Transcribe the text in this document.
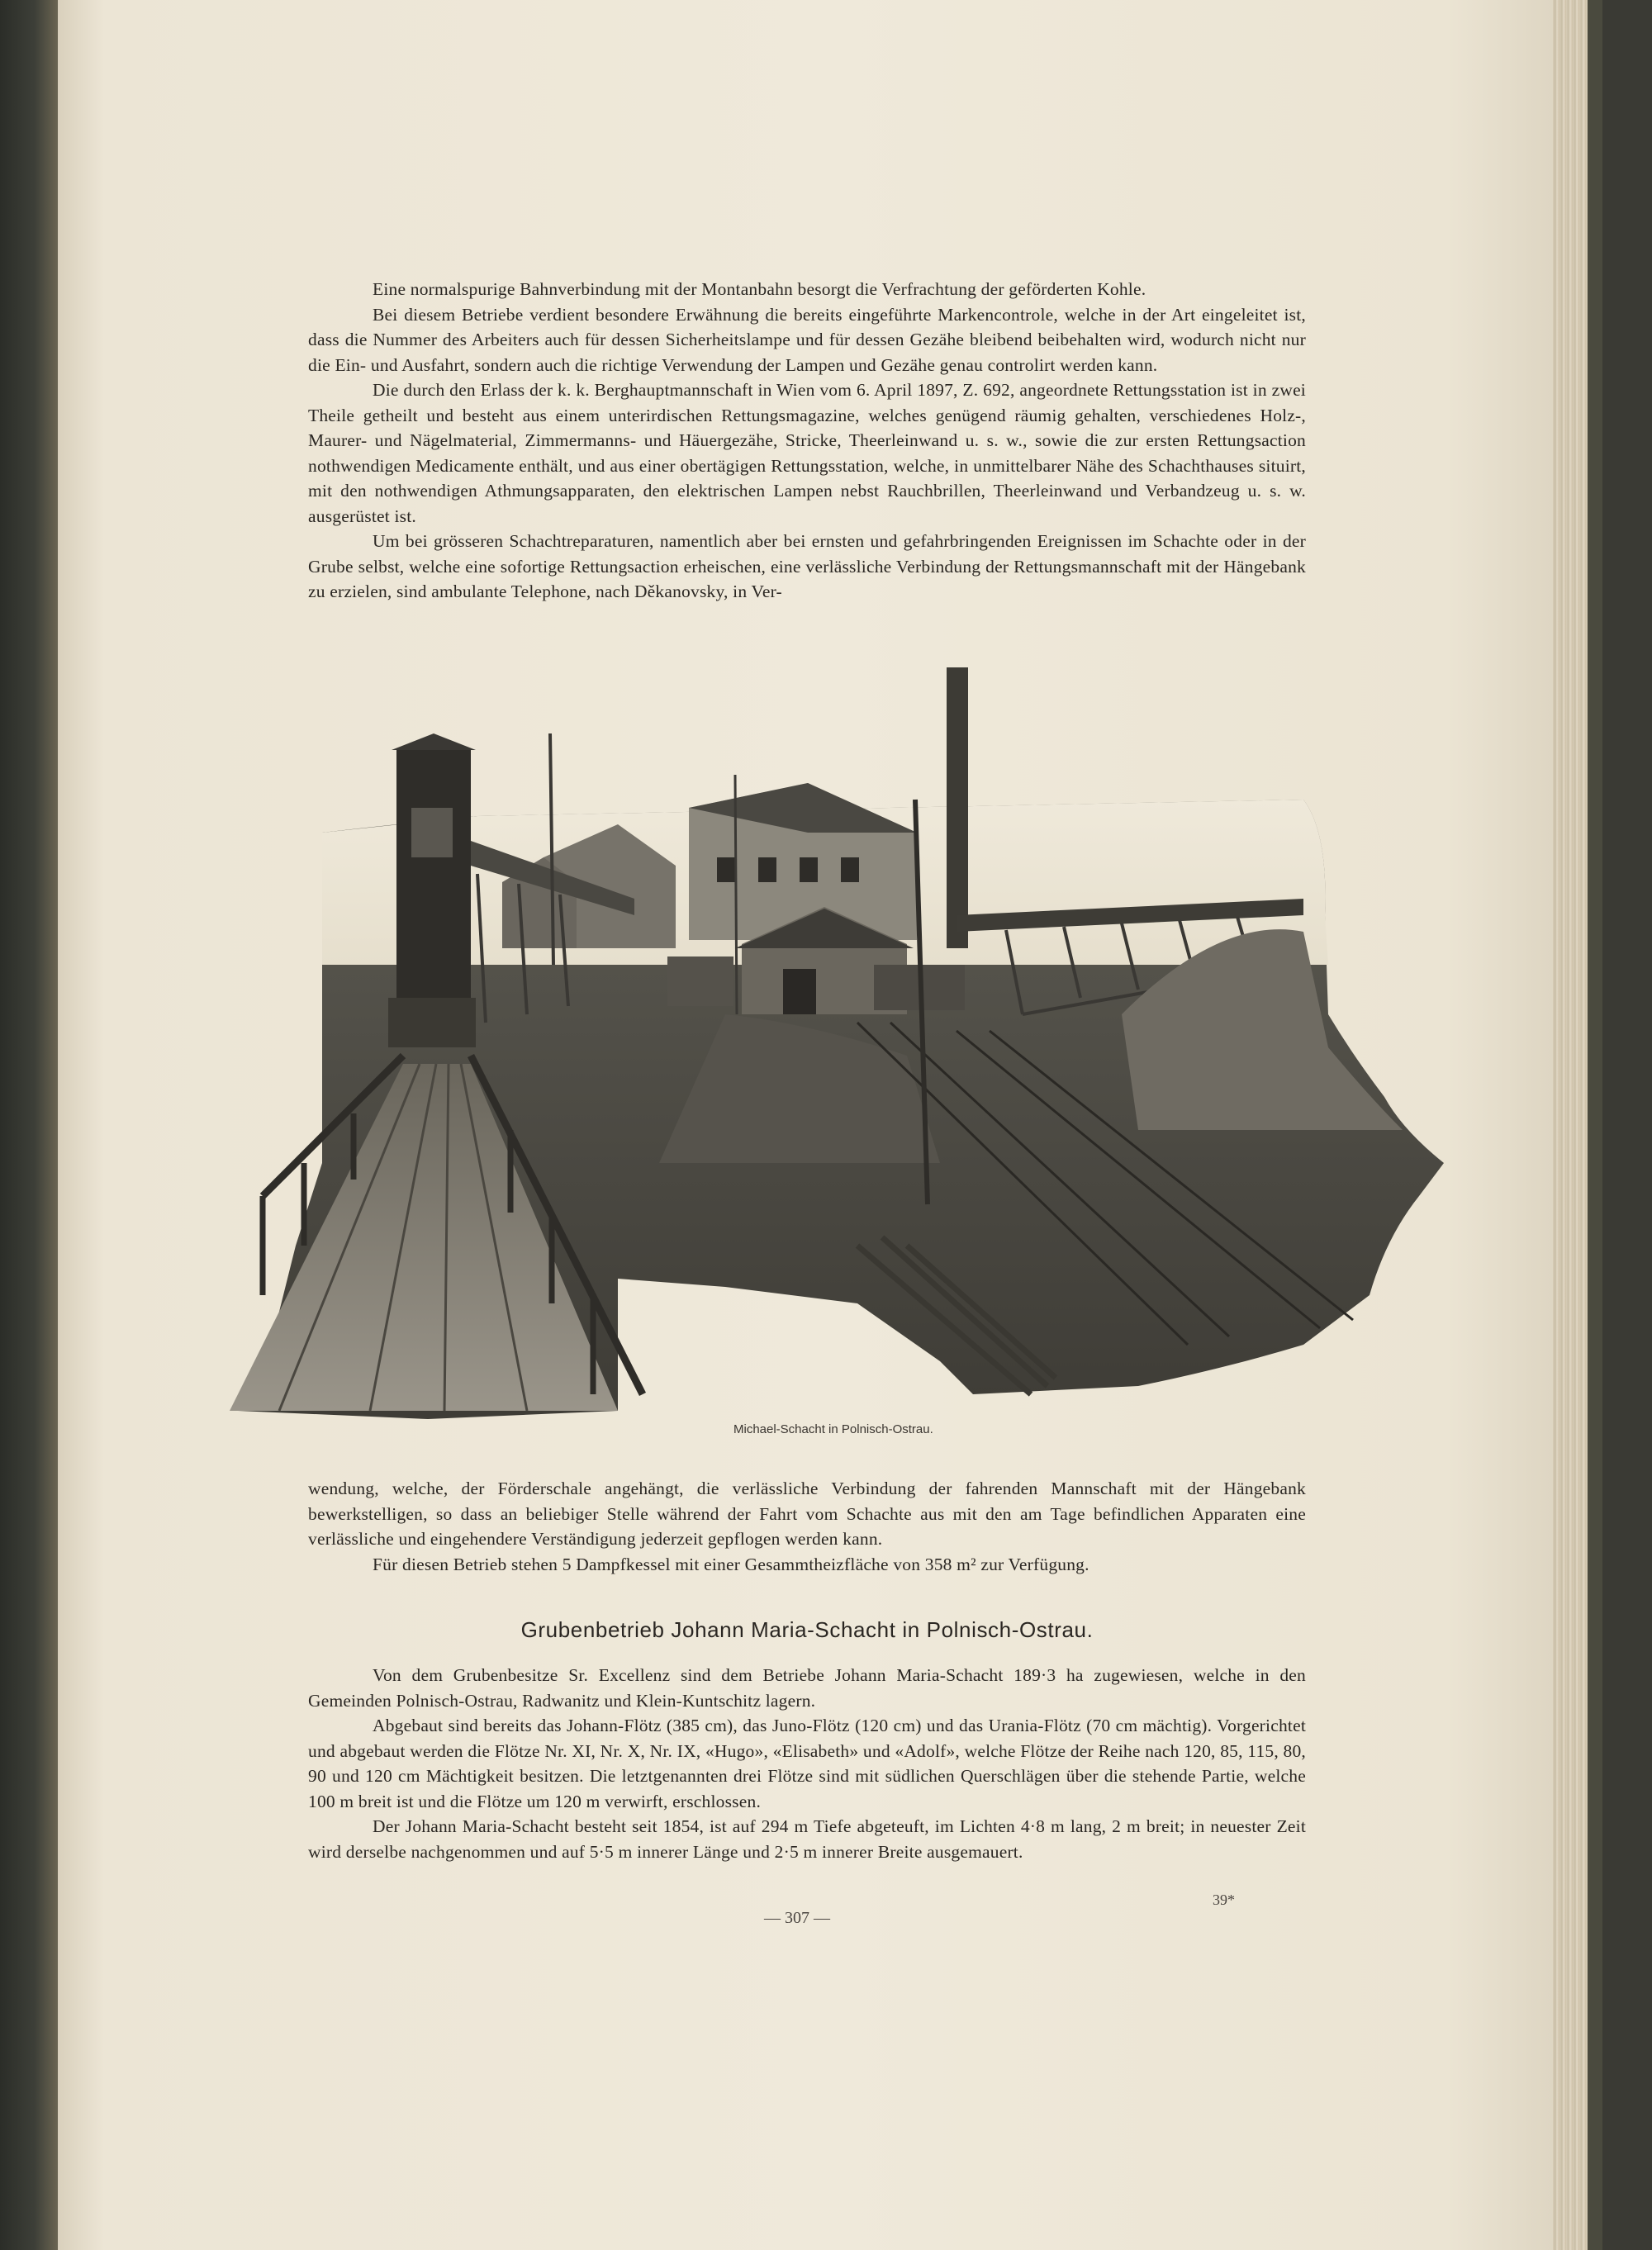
Eine normalspurige Bahnverbindung mit der Montanbahn besorgt die Verfrachtung der geförderten Kohle.

Bei diesem Betriebe verdient besondere Erwähnung die bereits eingeführte Markencontrole, welche in der Art eingeleitet ist, dass die Nummer des Arbeiters auch für dessen Sicherheitslampe und für dessen Gezähe bleibend beibehalten wird, wodurch nicht nur die Ein- und Ausfahrt, sondern auch die richtige Verwendung der Lampen und Gezähe genau controlirt werden kann.

Die durch den Erlass der k. k. Berghauptmannschaft in Wien vom 6. April 1897, Z. 692, angeordnete Rettungsstation ist in zwei Theile getheilt und besteht aus einem unterirdischen Rettungsmagazine, welches genügend räumig gehalten, verschiedenes Holz-, Maurer- und Nägelmaterial, Zimmermanns- und Häuergezähe, Stricke, Theerleinwand u. s. w., sowie die zur ersten Rettungsaction nothwendigen Medicamente enthält, und aus einer obertägigen Rettungsstation, welche, in unmittelbarer Nähe des Schachthauses situirt, mit den nothwendigen Athmungsapparaten, den elektrischen Lampen nebst Rauchbrillen, Theerleinwand und Verbandzeug u. s. w. ausgerüstet ist.

Um bei grösseren Schachtreparaturen, namentlich aber bei ernsten und gefahrbringenden Ereignissen im Schachte oder in der Grube selbst, welche eine sofortige Rettungsaction erheischen, eine verlässliche Verbindung der Rettungsmannschaft mit der Hängebank zu erzielen, sind ambulante Telephone, nach Děkanovsky, in Ver-

Michael-Schacht in Polnisch-Ostrau.

wendung, welche, der Förderschale angehängt, die verlässliche Verbindung der fahrenden Mannschaft mit der Hängebank bewerkstelligen, so dass an beliebiger Stelle während der Fahrt vom Schachte aus mit den am Tage befindlichen Apparaten eine verlässliche und eingehendere Verständigung jederzeit gepflogen werden kann.

Für diesen Betrieb stehen 5 Dampfkessel mit einer Gesammtheizfläche von 358 m² zur Verfügung.

Grubenbetrieb Johann Maria-Schacht in Polnisch-Ostrau.

Von dem Grubenbesitze Sr. Excellenz sind dem Betriebe Johann Maria-Schacht 189·3 ha zugewiesen, welche in den Gemeinden Polnisch-Ostrau, Radwanitz und Klein-Kuntschitz lagern.

Abgebaut sind bereits das Johann-Flötz (385 cm), das Juno-Flötz (120 cm) und das Urania-Flötz (70 cm mächtig). Vorgerichtet und abgebaut werden die Flötze Nr. XI, Nr. X, Nr. IX, «Hugo», «Elisabeth» und «Adolf», welche Flötze der Reihe nach 120, 85, 115, 80, 90 und 120 cm Mächtigkeit besitzen. Die letztgenannten drei Flötze sind mit südlichen Querschlägen über die stehende Partie, welche 100 m breit ist und die Flötze um 120 m verwirft, erschlossen.

Der Johann Maria-Schacht besteht seit 1854, ist auf 294 m Tiefe abgeteuft, im Lichten 4·8 m lang, 2 m breit; in neuester Zeit wird derselbe nachgenommen und auf 5·5 m innerer Länge und 2·5 m innerer Breite ausgemauert.

— 307 —
39*
